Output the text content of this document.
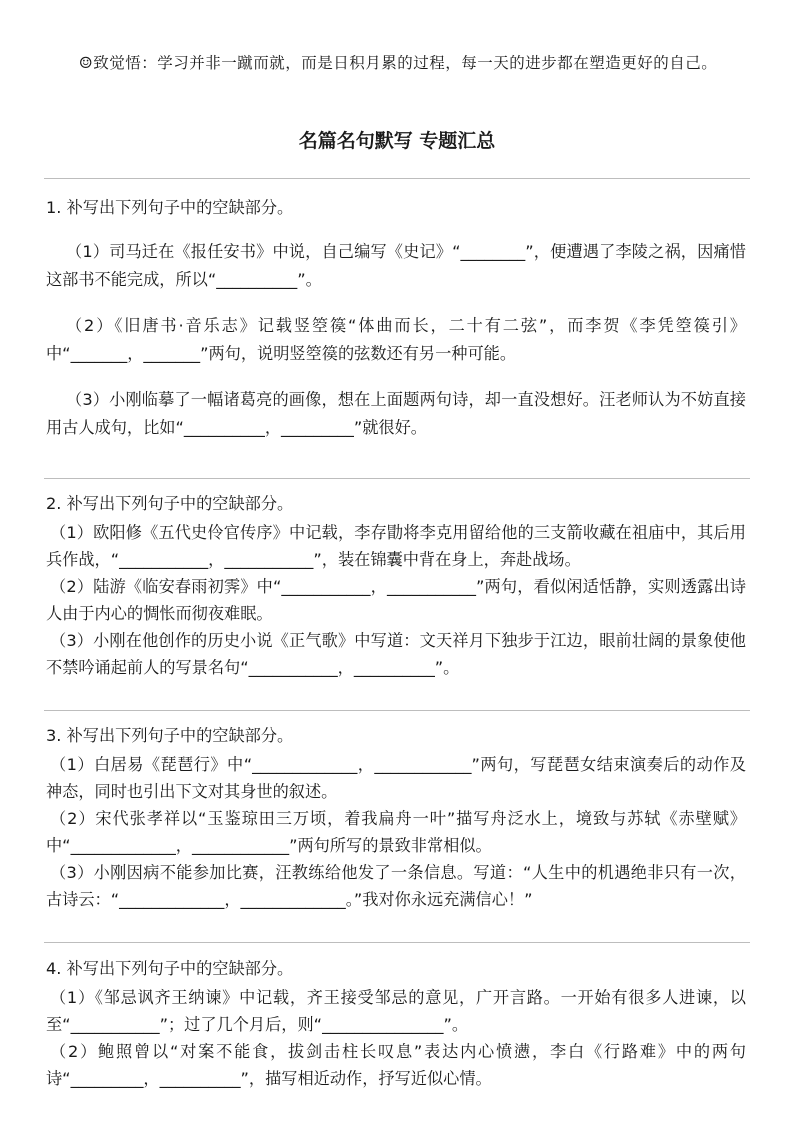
☺致觉悟：学习并非一蹴而就，而是日积月累的过程，每一天的进步都在塑造更好的自己。
名篇名句默写 专题汇总

1. 补写出下列句子中的空缺部分。

（1）司马迁在《报任安书》中说，自己编写《史记》“________”，便遭遇了李陵之祸，因痛惜这部书不能完成，所以“__________”。

（2）《旧唐书·音乐志》记载竖箜篌“体曲而长，二十有二弦”，而李贺《李凭箜篌引》中“_______，_______”两句，说明竖箜篌的弦数还有另一种可能。

（3）小刚临摹了一幅诸葛亮的画像，想在上面题两句诗，却一直没想好。汪老师认为不妨直接用古人成句，比如“__________，_________”就很好。

2. 补写出下列句子中的空缺部分。

（1）欧阳修《五代史伶官传序》中记载，李存勖将李克用留给他的三支箭收藏在祖庙中，其后用兵作战，“___________，___________”，装在锦囊中背在身上，奔赴战场。

（2）陆游《临安春雨初霁》中“___________，___________”两句，看似闲适恬静，实则透露出诗人由于内心的惆怅而彻夜难眠。

（3）小刚在他创作的历史小说《正气歌》中写道：文天祥月下独步于江边，眼前壮阔的景象使他不禁吟诵起前人的写景名句“___________，__________”。

3. 补写出下列句子中的空缺部分。

（1）白居易《琵琶行》中“_____________，____________”两句，写琵琶女结束演奏后的动作及神态，同时也引出下文对其身世的叙述。

（2）宋代张孝祥以“玉鉴琼田三万顷，着我扁舟一叶”描写舟泛水上，境致与苏轼《赤壁赋》中“_____________，____________”两句所写的景致非常相似。

（3）小刚因病不能参加比赛，汪教练给他发了一条信息。写道：“人生中的机遇绝非只有一次，古诗云：“_____________，_____________。”我对你永远充满信心！”

4. 补写出下列句子中的空缺部分。

（1）《邹忌讽齐王纳谏》中记载，齐王接受邹忌的意见，广开言路。一开始有很多人进谏，以至“___________”；过了几个月后，则“_______________”。

（2）鲍照曾以“对案不能食，拔剑击柱长叹息”表达内心愤懑，李白《行路难》中的两句诗“_________，__________”，描写相近动作，抒写近似心情。
